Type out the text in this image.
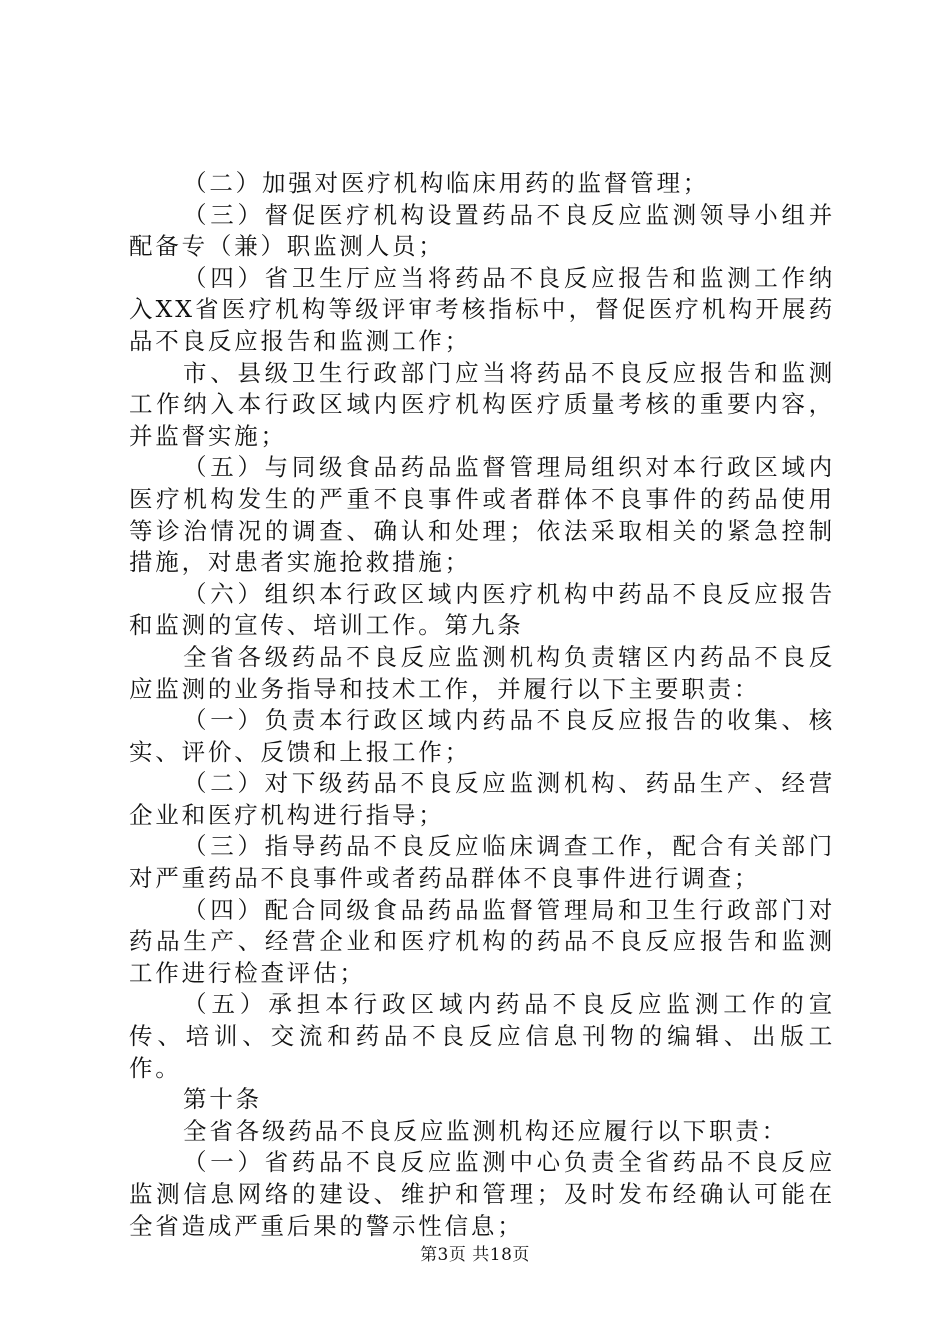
（二）加强对医疗机构临床用药的监督管理；

（三）督促医疗机构设置药品不良反应监测领导小组并配备专（兼）职监测人员；

（四）省卫生厅应当将药品不良反应报告和监测工作纳入XX省医疗机构等级评审考核指标中，督促医疗机构开展药品不良反应报告和监测工作；

市、县级卫生行政部门应当将药品不良反应报告和监测工作纳入本行政区域内医疗机构医疗质量考核的重要内容，并监督实施；

（五）与同级食品药品监督管理局组织对本行政区域内医疗机构发生的严重不良事件或者群体不良事件的药品使用等诊治情况的调查、确认和处理；依法采取相关的紧急控制措施，对患者实施抢救措施；

（六）组织本行政区域内医疗机构中药品不良反应报告和监测的宣传、培训工作。第九条

全省各级药品不良反应监测机构负责辖区内药品不良反应监测的业务指导和技术工作，并履行以下主要职责：

（一）负责本行政区域内药品不良反应报告的收集、核实、评价、反馈和上报工作；

（二）对下级药品不良反应监测机构、药品生产、经营企业和医疗机构进行指导；

（三）指导药品不良反应临床调查工作，配合有关部门对严重药品不良事件或者药品群体不良事件进行调查；

（四）配合同级食品药品监督管理局和卫生行政部门对药品生产、经营企业和医疗机构的药品不良反应报告和监测工作进行检查评估；

（五）承担本行政区域内药品不良反应监测工作的宣传、培训、交流和药品不良反应信息刊物的编辑、出版工作。

第十条

全省各级药品不良反应监测机构还应履行以下职责：

（一）省药品不良反应监测中心负责全省药品不良反应监测信息网络的建设、维护和管理；及时发布经确认可能在全省造成严重后果的警示性信息；

第3页 共18页
